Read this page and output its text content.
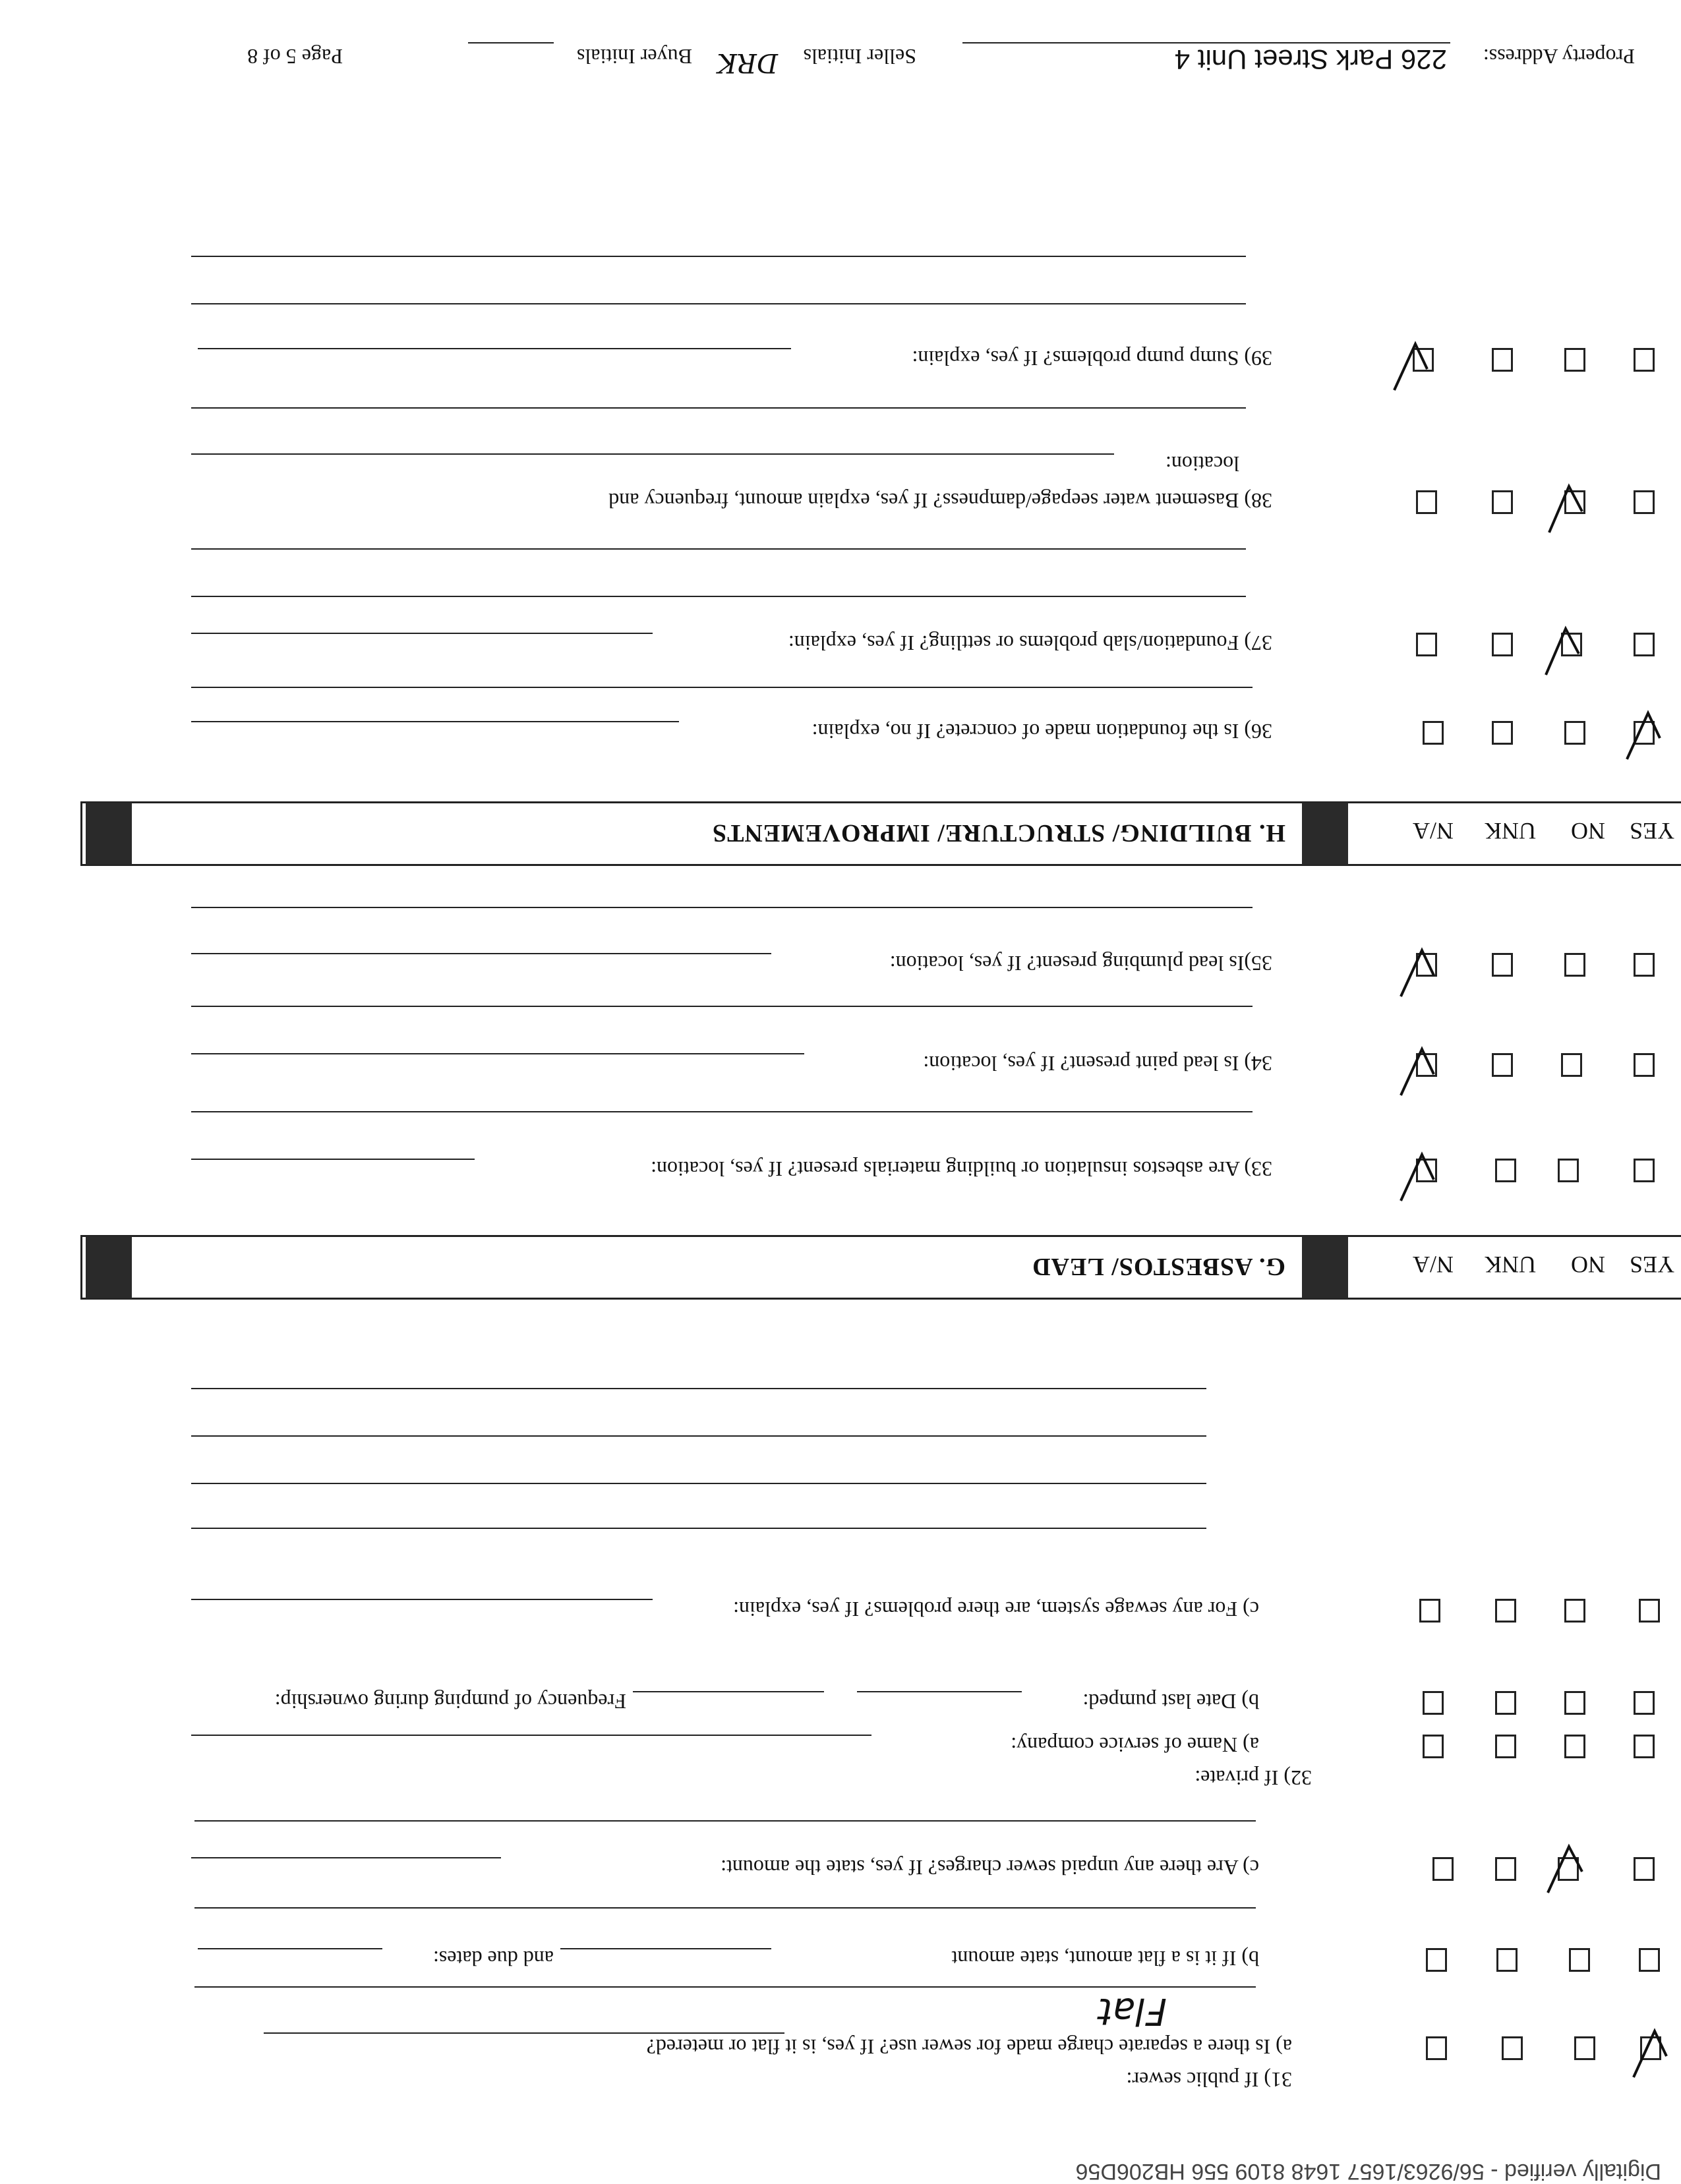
Digitally verified - 56/9263/1657 1648 8109 556 HB206D56
31) If public sewer:
a) Is there a separate charge made for sewer use? If yes, is it flat or metered?
Flat
b) If it is a flat amount, state amount
and due dates:
c) Are there any unpaid sewer charges? If yes, state the amount:
32) If private:
a) Name of service company:
b) Date last pumped:
Frequency of pumping during ownership:
c) For any sewage system, are there problems? If yes, explain:
YES
NO
UNK
N/A
G. ASBESTOS/ LEAD
33) Are asbestos insulation or building materials present? If yes, location:
34) Is lead paint present? If yes, location:
35)Is lead plumbing present? If yes, location:
YES
NO
UNK
N/A
H. BUILDING/ STRUCTURE/ IMPROVEMENTS
36) Is the foundation made of concrete? If no, explain:
37) Foundation/slab problems or settling? If yes, explain:
38) Basement water seepage/dampness? If yes, explain amount, frequency and
location:
39) Sump pump problems? If yes, explain:
Property Address:
226 Park Street Unit 4
Seller Initials
DRK
Buyer Initials
Page 5 of 8
